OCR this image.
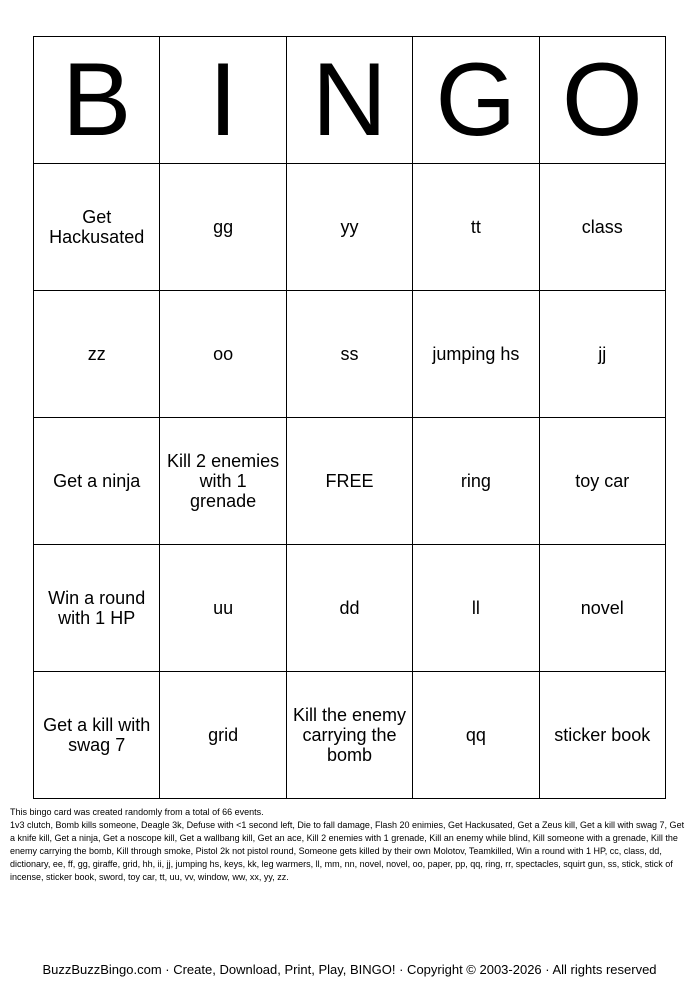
B	I	N	G	O
Get Hackusated	gg	yy	tt	class
zz	oo	ss	jumping hs	jj
Get a ninja	Kill 2 enemies with 1 grenade	FREE	ring	toy car
Win a round with 1 HP	uu	dd	ll	novel
Get a kill with swag 7	grid	Kill the enemy carrying the bomb	qq	sticker book
This bingo card was created randomly from a total of 66 events.
1v3 clutch, Bomb kills someone, Deagle 3k, Defuse with <1 second left, Die to fall damage, Flash 20 enimies, Get Hackusated, Get a Zeus kill, Get a kill with swag 7, Get a knife kill, Get a ninja, Get a noscope kill, Get a wallbang kill, Get an ace, Kill 2 enemies with 1 grenade, Kill an enemy while blind, Kill someone with a grenade, Kill the enemy carrying the bomb, Kill through smoke, Pistol 2k not pistol round, Someone gets killed by their own Molotov, Teamkilled, Win a round with 1 HP, cc, class, dd, dictionary, ee, ff, gg, giraffe, grid, hh, ii, jj, jumping hs, keys, kk, leg warmers, ll, mm, nn, novel, novel, oo, paper, pp, qq, ring, rr, spectacles, squirt gun, ss, stick, stick of incense, sticker book, sword, toy car, tt, uu, vv, window, ww, xx, yy, zz.
BuzzBuzzBingo.com · Create, Download, Print, Play, BINGO! · Copyright © 2003-2026 · All rights reserved
